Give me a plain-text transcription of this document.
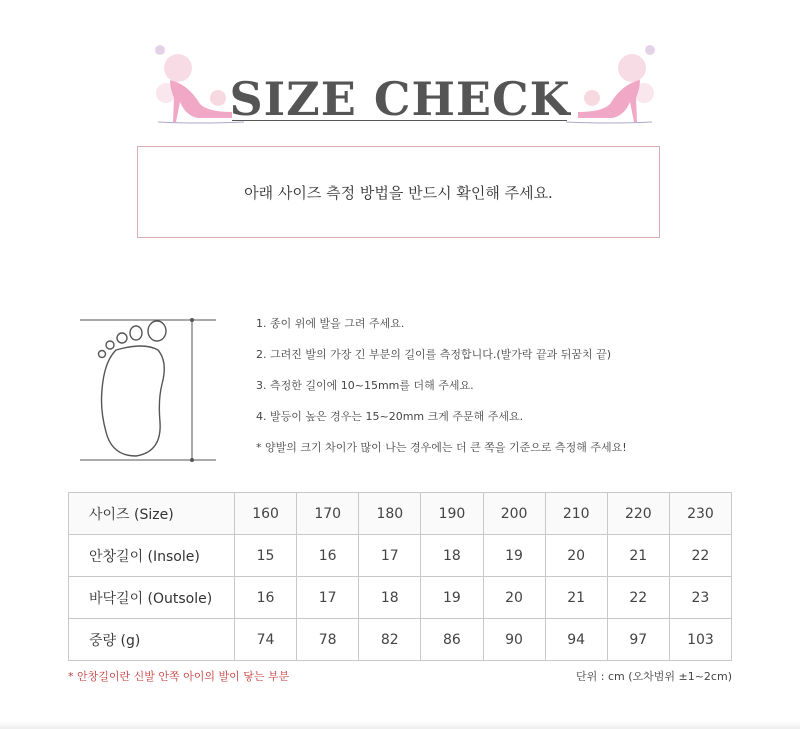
SIZE CHECK
아래 사이즈 측정 방법을 반드시 확인해 주세요.
1. 종이 위에 발을 그려 주세요.
2. 그려진 발의 가장 긴 부분의 길이를 측정합니다.(발가락 끝과 뒤꿈치 끝)
3. 측정한 길이에 10~15mm를 더해 주세요.
4. 발등이 높은 경우는 15~20mm 크게 주문해 주세요.
* 양발의 크기 차이가 많이 나는 경우에는 더 큰 쪽을 기준으로 측정해 주세요!
사이즈 (Size)	160	170	180	190	200	210	220	230
안창길이 (Insole)	15	16	17	18	19	20	21	22
바닥길이 (Outsole)	16	17	18	19	20	21	22	23
중량 (g)	74	78	82	86	90	94	97	103
* 안창길이란 신발 안쪽 아이의 발이 닿는 부분	단위 : cm (오차범위 ±1~2cm)
